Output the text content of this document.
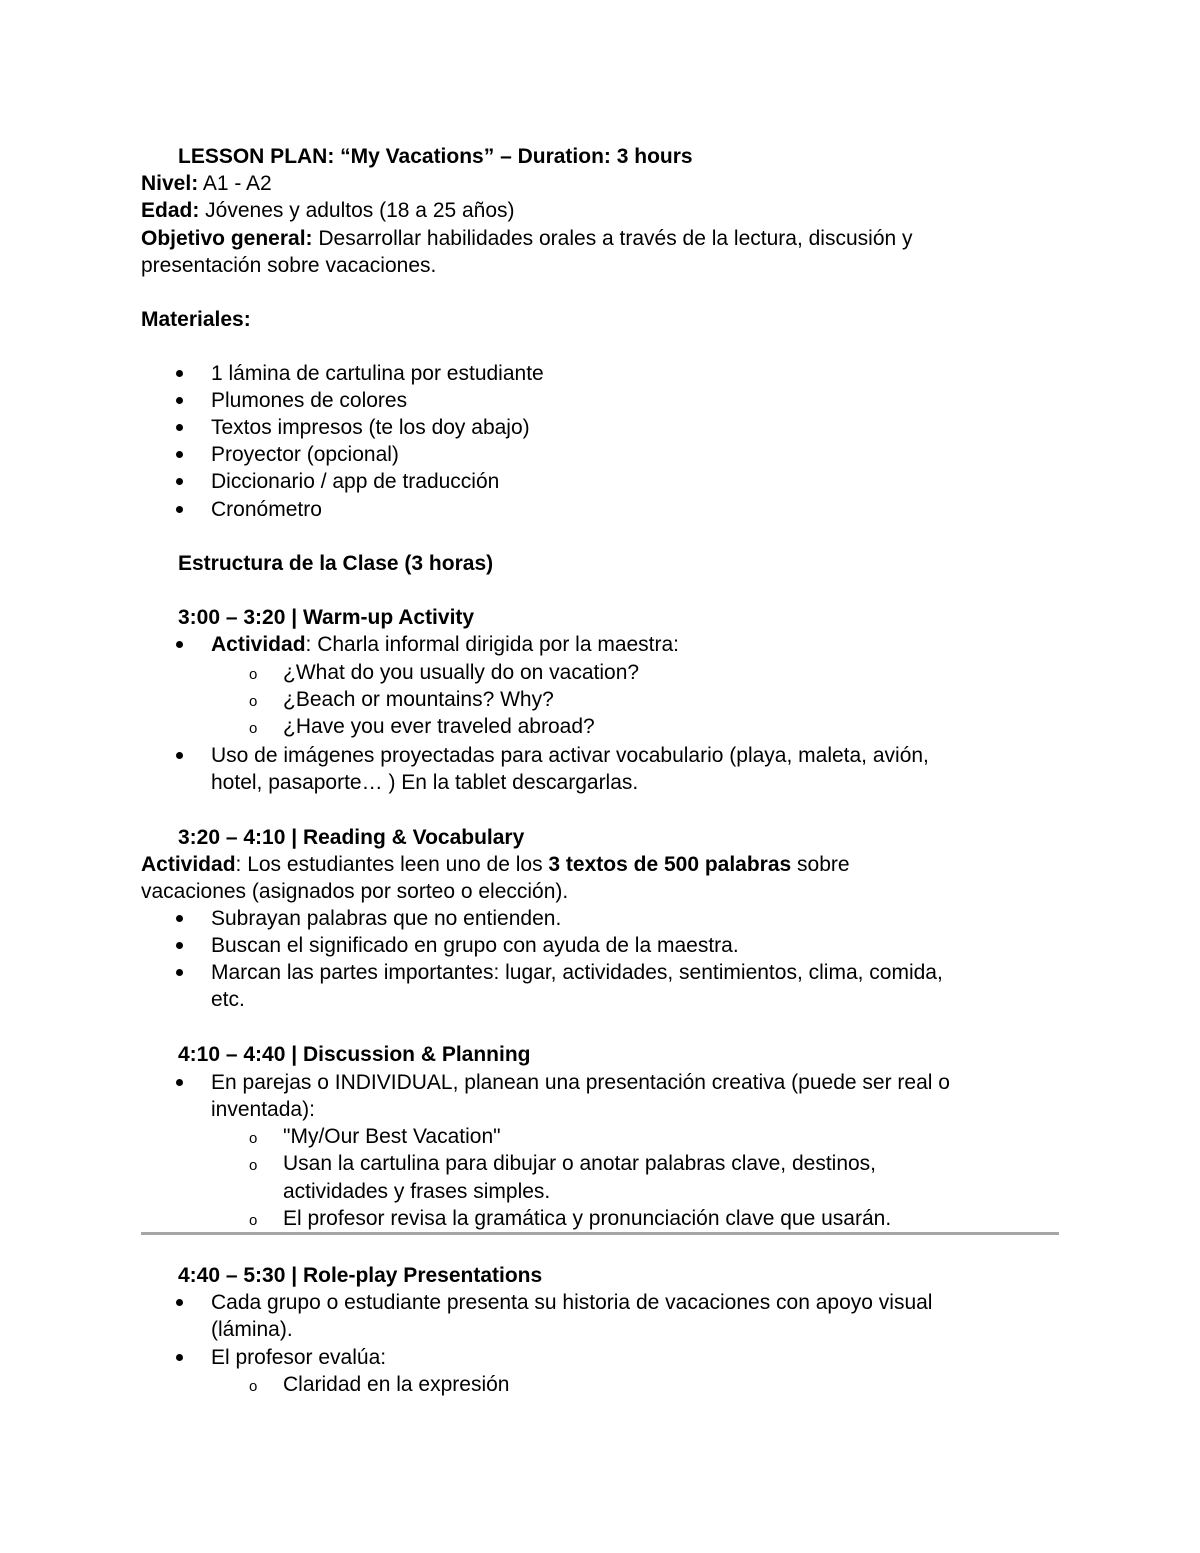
LESSON PLAN: “My Vacations” – Duration: 3 hours
Nivel: A1 - A2
Edad: Jóvenes y adultos (18 a 25 años)
Objetivo general: Desarrollar habilidades orales a través de la lectura, discusión y
presentación sobre vacaciones.
Materiales:
1 lámina de cartulina por estudiante
Plumones de colores
Textos impresos (te los doy abajo)
Proyector (opcional)
Diccionario / app de traducción
Cronómetro
Estructura de la Clase (3 horas)
3:00 – 3:20 | Warm-up Activity
Actividad: Charla informal dirigida por la maestra:
o ¿What do you usually do on vacation?
o ¿Beach or mountains? Why?
o ¿Have you ever traveled abroad?
Uso de imágenes proyectadas para activar vocabulario (playa, maleta, avión,
hotel, pasaporte… ) En la tablet descargarlas.
3:20 – 4:10 | Reading & Vocabulary
Actividad: Los estudiantes leen uno de los 3 textos de 500 palabras sobre
vacaciones (asignados por sorteo o elección).
Subrayan palabras que no entienden.
Buscan el significado en grupo con ayuda de la maestra.
Marcan las partes importantes: lugar, actividades, sentimientos, clima, comida,
etc.
4:10 – 4:40 | Discussion & Planning
En parejas o INDIVIDUAL, planean una presentación creativa (puede ser real o
inventada):
o "My/Our Best Vacation"
o Usan la cartulina para dibujar o anotar palabras clave, destinos,
actividades y frases simples.
o El profesor revisa la gramática y pronunciación clave que usarán.
4:40 – 5:30 | Role-play Presentations
Cada grupo o estudiante presenta su historia de vacaciones con apoyo visual
(lámina).
El profesor evalúa:
o Claridad en la expresión
